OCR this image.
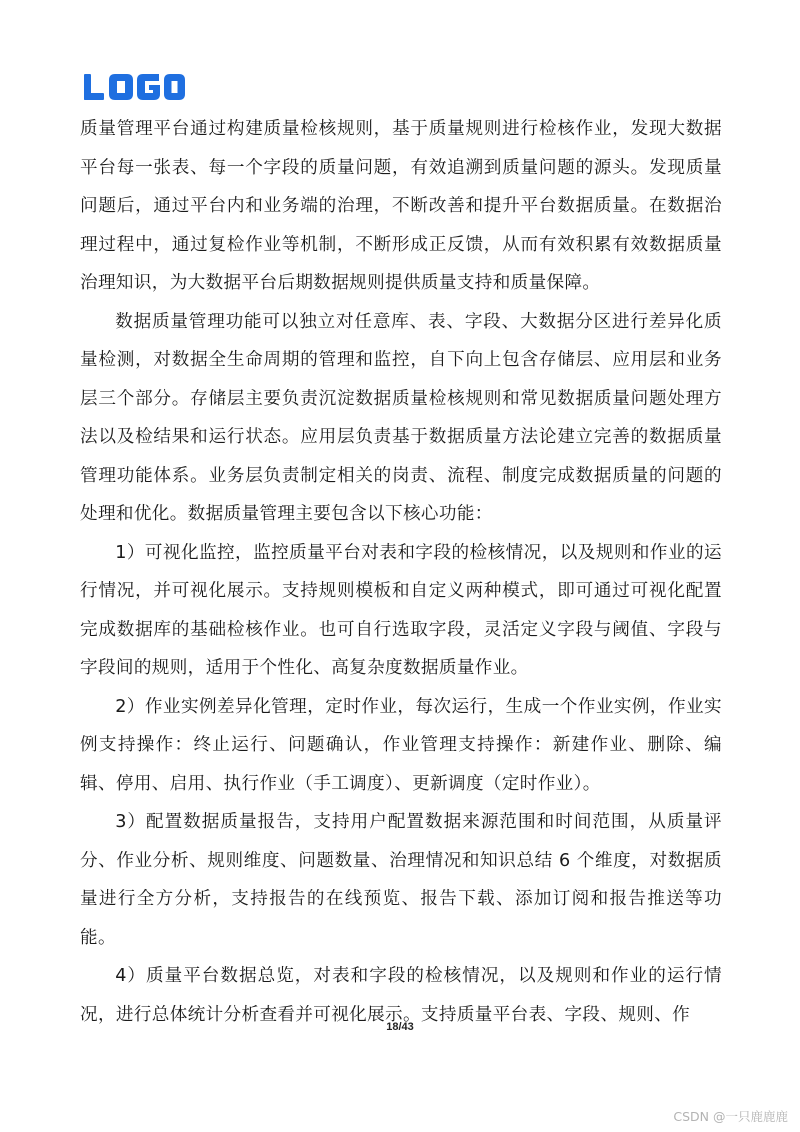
质量管理平台通过构建质量检核规则，基于质量规则进行检核作业，发现大数据平台每一张表、每一个字段的质量问题，有效追溯到质量问题的源头。发现质量问题后，通过平台内和业务端的治理，不断改善和提升平台数据质量。在数据治理过程中，通过复检作业等机制，不断形成正反馈，从而有效积累有效数据质量治理知识，为大数据平台后期数据规则提供质量支持和质量保障。

数据质量管理功能可以独立对任意库、表、字段、大数据分区进行差异化质量检测，对数据全生命周期的管理和监控，自下向上包含存储层、应用层和业务层三个部分。存储层主要负责沉淀数据质量检核规则和常见数据质量问题处理方法以及检结果和运行状态。应用层负责基于数据质量方法论建立完善的数据质量管理功能体系。业务层负责制定相关的岗责、流程、制度完成数据质量的问题的处理和优化。数据质量管理主要包含以下核心功能：

1）可视化监控，监控质量平台对表和字段的检核情况，以及规则和作业的运行情况，并可视化展示。支持规则模板和自定义两种模式，即可通过可视化配置完成数据库的基础检核作业。也可自行选取字段，灵活定义字段与阈值、字段与字段间的规则，适用于个性化、高复杂度数据质量作业。

2）作业实例差异化管理，定时作业，每次运行，生成一个作业实例，作业实例支持操作：终止运行、问题确认，作业管理支持操作：新建作业、删除、编辑、停用、启用、执行作业（手工调度）、更新调度（定时作业）。

3）配置数据质量报告，支持用户配置数据来源范围和时间范围，从质量评分、作业分析、规则维度、问题数量、治理情况和知识总结 6 个维度，对数据质量进行全方分析，支持报告的在线预览、报告下载、添加订阅和报告推送等功能。

4）质量平台数据总览，对表和字段的检核情况，以及规则和作业的运行情况，进行总体统计分析查看并可视化展示。支持质量平台表、字段、规则、作

18/43
CSDN @一只鹿鹿鹿
